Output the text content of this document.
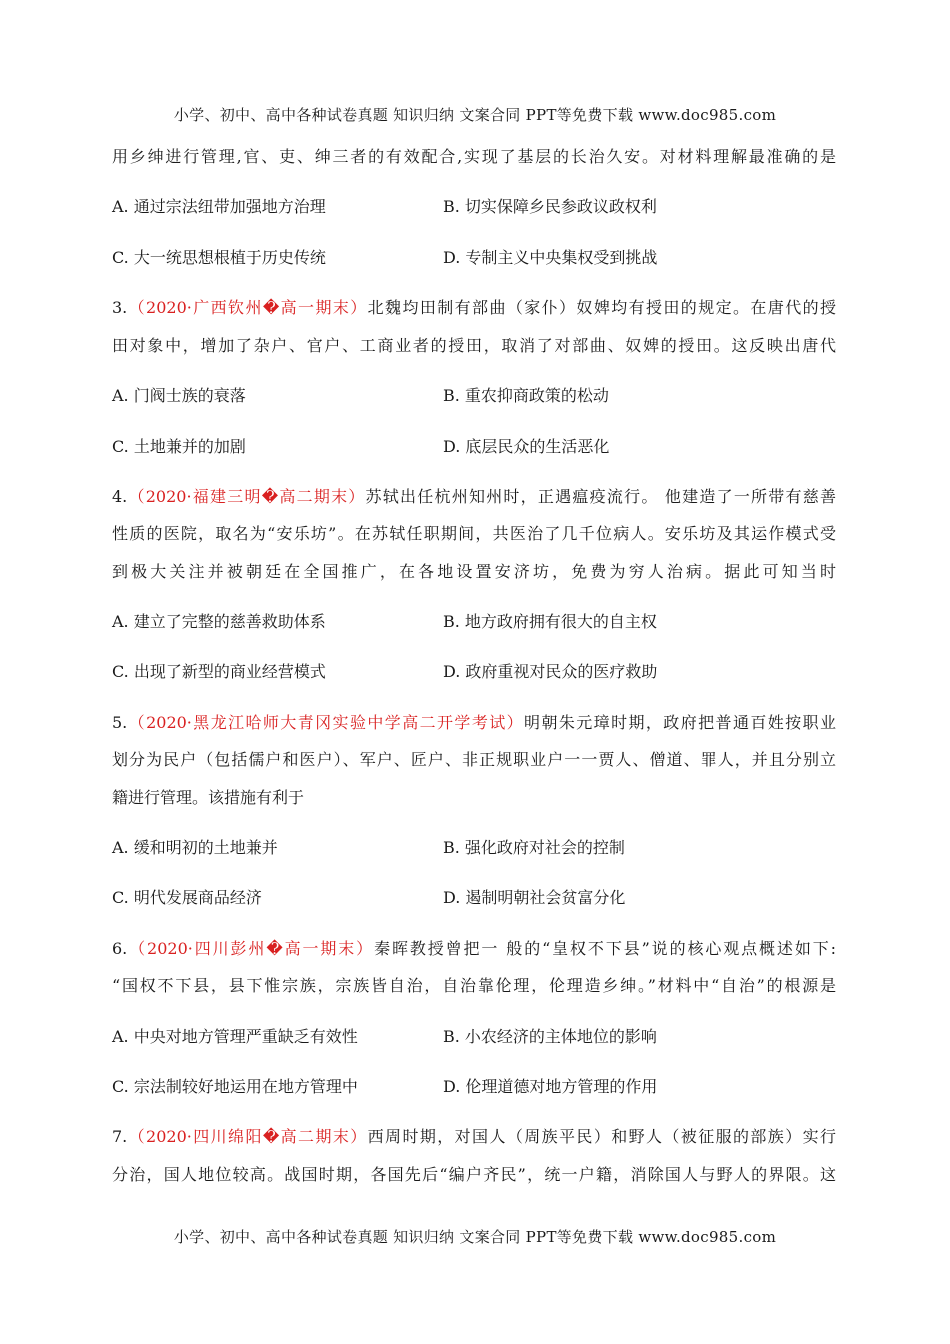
小学、初中、高中各种试卷真题 知识归纳 文案合同 PPT等免费下载 www.doc985.com
用乡绅进行管理,官、吏、绅三者的有效配合,实现了基层的长治久安。对材料理解最准确的是
A. 通过宗法纽带加强地方治理	B. 切实保障乡民参政议政权利
C. 大一统思想根植于历史传统	D. 专制主义中央集权受到挑战
3.（2020·广西钦州�高一期末）北魏均田制有部曲（家仆）奴婢均有授田的规定。在唐代的授
田对象中，增加了杂户、官户、工商业者的授田，取消了对部曲、奴婢的授田。这反映出唐代
A. 门阀士族的衰落	B. 重农抑商政策的松动
C. 土地兼并的加剧	D. 底层民众的生活恶化
4.（2020·福建三明�高二期末）苏轼出任杭州知州时，正遇瘟疫流行。 他建造了一所带有慈善
性质的医院，取名为“安乐坊”。在苏轼任职期间，共医治了几千位病人。安乐坊及其运作模式受
到极大关注并被朝廷在全国推广，在各地设置安济坊，免费为穷人治病。据此可知当时
A. 建立了完整的慈善救助体系	B. 地方政府拥有很大的自主权
C. 出现了新型的商业经营模式	D. 政府重视对民众的医疗救助
5.（2020·黑龙江哈师大青冈实验中学高二开学考试）明朝朱元璋时期，政府把普通百姓按职业
划分为民户（包括儒户和医户）、军户、匠户、非正规职业户一一贾人、僧道、罪人，并且分别立
籍进行管理。该措施有利于
A. 缓和明初的土地兼并	B. 强化政府对社会的控制
C. 明代发展商品经济	D. 遏制明朝社会贫富分化
6.（2020·四川彭州�高一期末）秦晖教授曾把一 般的“皇权不下县”说的核心观点概述如下:
“国权不下县，县下惟宗族，宗族皆自治，自治靠伦理，伦理造乡绅。”材料中“自治”的根源是
A. 中央对地方管理严重缺乏有效性	B. 小农经济的主体地位的影响
C. 宗法制较好地运用在地方管理中	D. 伦理道德对地方管理的作用
7.（2020·四川绵阳�高二期末）西周时期，对国人（周族平民）和野人（被征服的部族）实行
分治，国人地位较高。战国时期，各国先后“编户齐民”，统一户籍，消除国人与野人的界限。这
小学、初中、高中各种试卷真题 知识归纳 文案合同 PPT等免费下载 www.doc985.com
